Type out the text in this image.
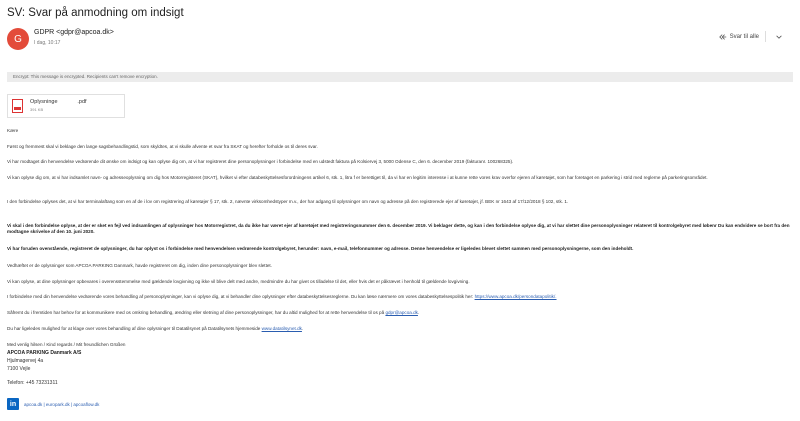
SV: Svar på anmodning om indsigt
G
GDPR <gdpr@apcoa.dk>
I dag, 10:17
Svar til alle
Encrypt: This message is encrypted. Recipients can't remove encryption.
Oplysninge             .pdf
391 KB

Kære

Først og fremmest skal vi beklage den lange sagsbehandlingstid, som skyldtes, at vi skulle afvente et svar fra SKAT og herefter forholde os til deres svar.

Vi har modtaget din henvendelse vedrørende dit ønske om indsigt og kan oplyse dig om, at vi har registreret dine personoplysninger i forbindelse med en udstedt faktura på Kolsiervej 3, 5000 Odense C, den 6. december 2019 (fakturanr. 100268325).

Vi kan oplyse dig om, at vi har indsamlet navn- og adresseoplysning om dig hos Motorregisteret (SKAT), hvilket vi efter databeskyttelsesforordningens artikel 6, stk. 1, litra f er berettiget til, da vi har en legitim interesse i at kunne rette vores krav overfor ejeren af køretøjet, som har foretaget en parkering i strid med reglerne på parkeringsområdet.

I den forbindelse oplyses det, at vi har terminalaftang som en af de i lov om registrering af køretøjer § 17, stk. 2, nævnte virksomhedstyper m.v., der har adgang til oplysninger om navn og adresse på den registrerede ejer af køretøjet, jf. BEK nr 1643 af 17/12/2018 § 102, stk. 1.

Vi skal i den forbindelse oplyse, at der er sket en fejl ved indsamlingen af oplysninger hos Motorregistret, da du ikke har været ejer af køretøjet med registreringsnummer den 6. december 2019. Vi beklager dette, og kan i den forbindelse oplyse dig, at vi har slettet dine personoplysninger relateret til kontrolgebyret med løbenr Du kan endvidere se bort fra den modtagne skrivelse af den 10. juni 2020.

Vi har foruden ovenstående, registreret de oplysninger, du har oplyst os i forbindelse med henvendelsen vedrørende kontrolgebyret, herunder: navn, e-mail, telefonnummer og adresse. Denne henvendelse er ligeledes blevet slettet sammen med personoplysningerne, som den indeholdt.

Vedhæftet er de oplysninger som APCOA PARKING Danmark, havde registreret om dig, inden dine personoplysninger blev slettet.

Vi kan oplyse, at dine oplysninger opbevares i overensstemmelse med gældende lovgivning og ikke vil blive delt med andre, medmindre du har givet os tilladelse til det, eller hvis det er påkrævet i henhold til gældende lovgivning.

I forbindelse med din henvendelse vedrørende vores behandling af personoplysninger, kan vi oplyse dig, at vi behandler dine oplysninger efter databeskyttelsesreglerne. Du kan læse nærmere om vores databeskyttelsespolitik her: https://www.apcoa.dk/persondatapolitik/.

Såfremt du i fremtiden har behov for at kommunikere med os omkring behandling, ændring eller sletning af dine personoplysninger, har du altid mulighed for at rette henvendelse til os på gdpr@apcoa.dk.

Du har ligeledes mulighed for at klage over vores behandling af dine oplysninger til Datatilsynet på Datatilsynets hjemmeside www.datatilsynet.dk.

Med venlig hilsen / Kind regards / Mit freundlichen Grüßen

APCOA PARKING Danmark A/S

Hjulmagervej 4a

7100 Vejle

Telefon: +45 73231311

in	apcoa.dk | europark.dk | apcoaflow.dk
